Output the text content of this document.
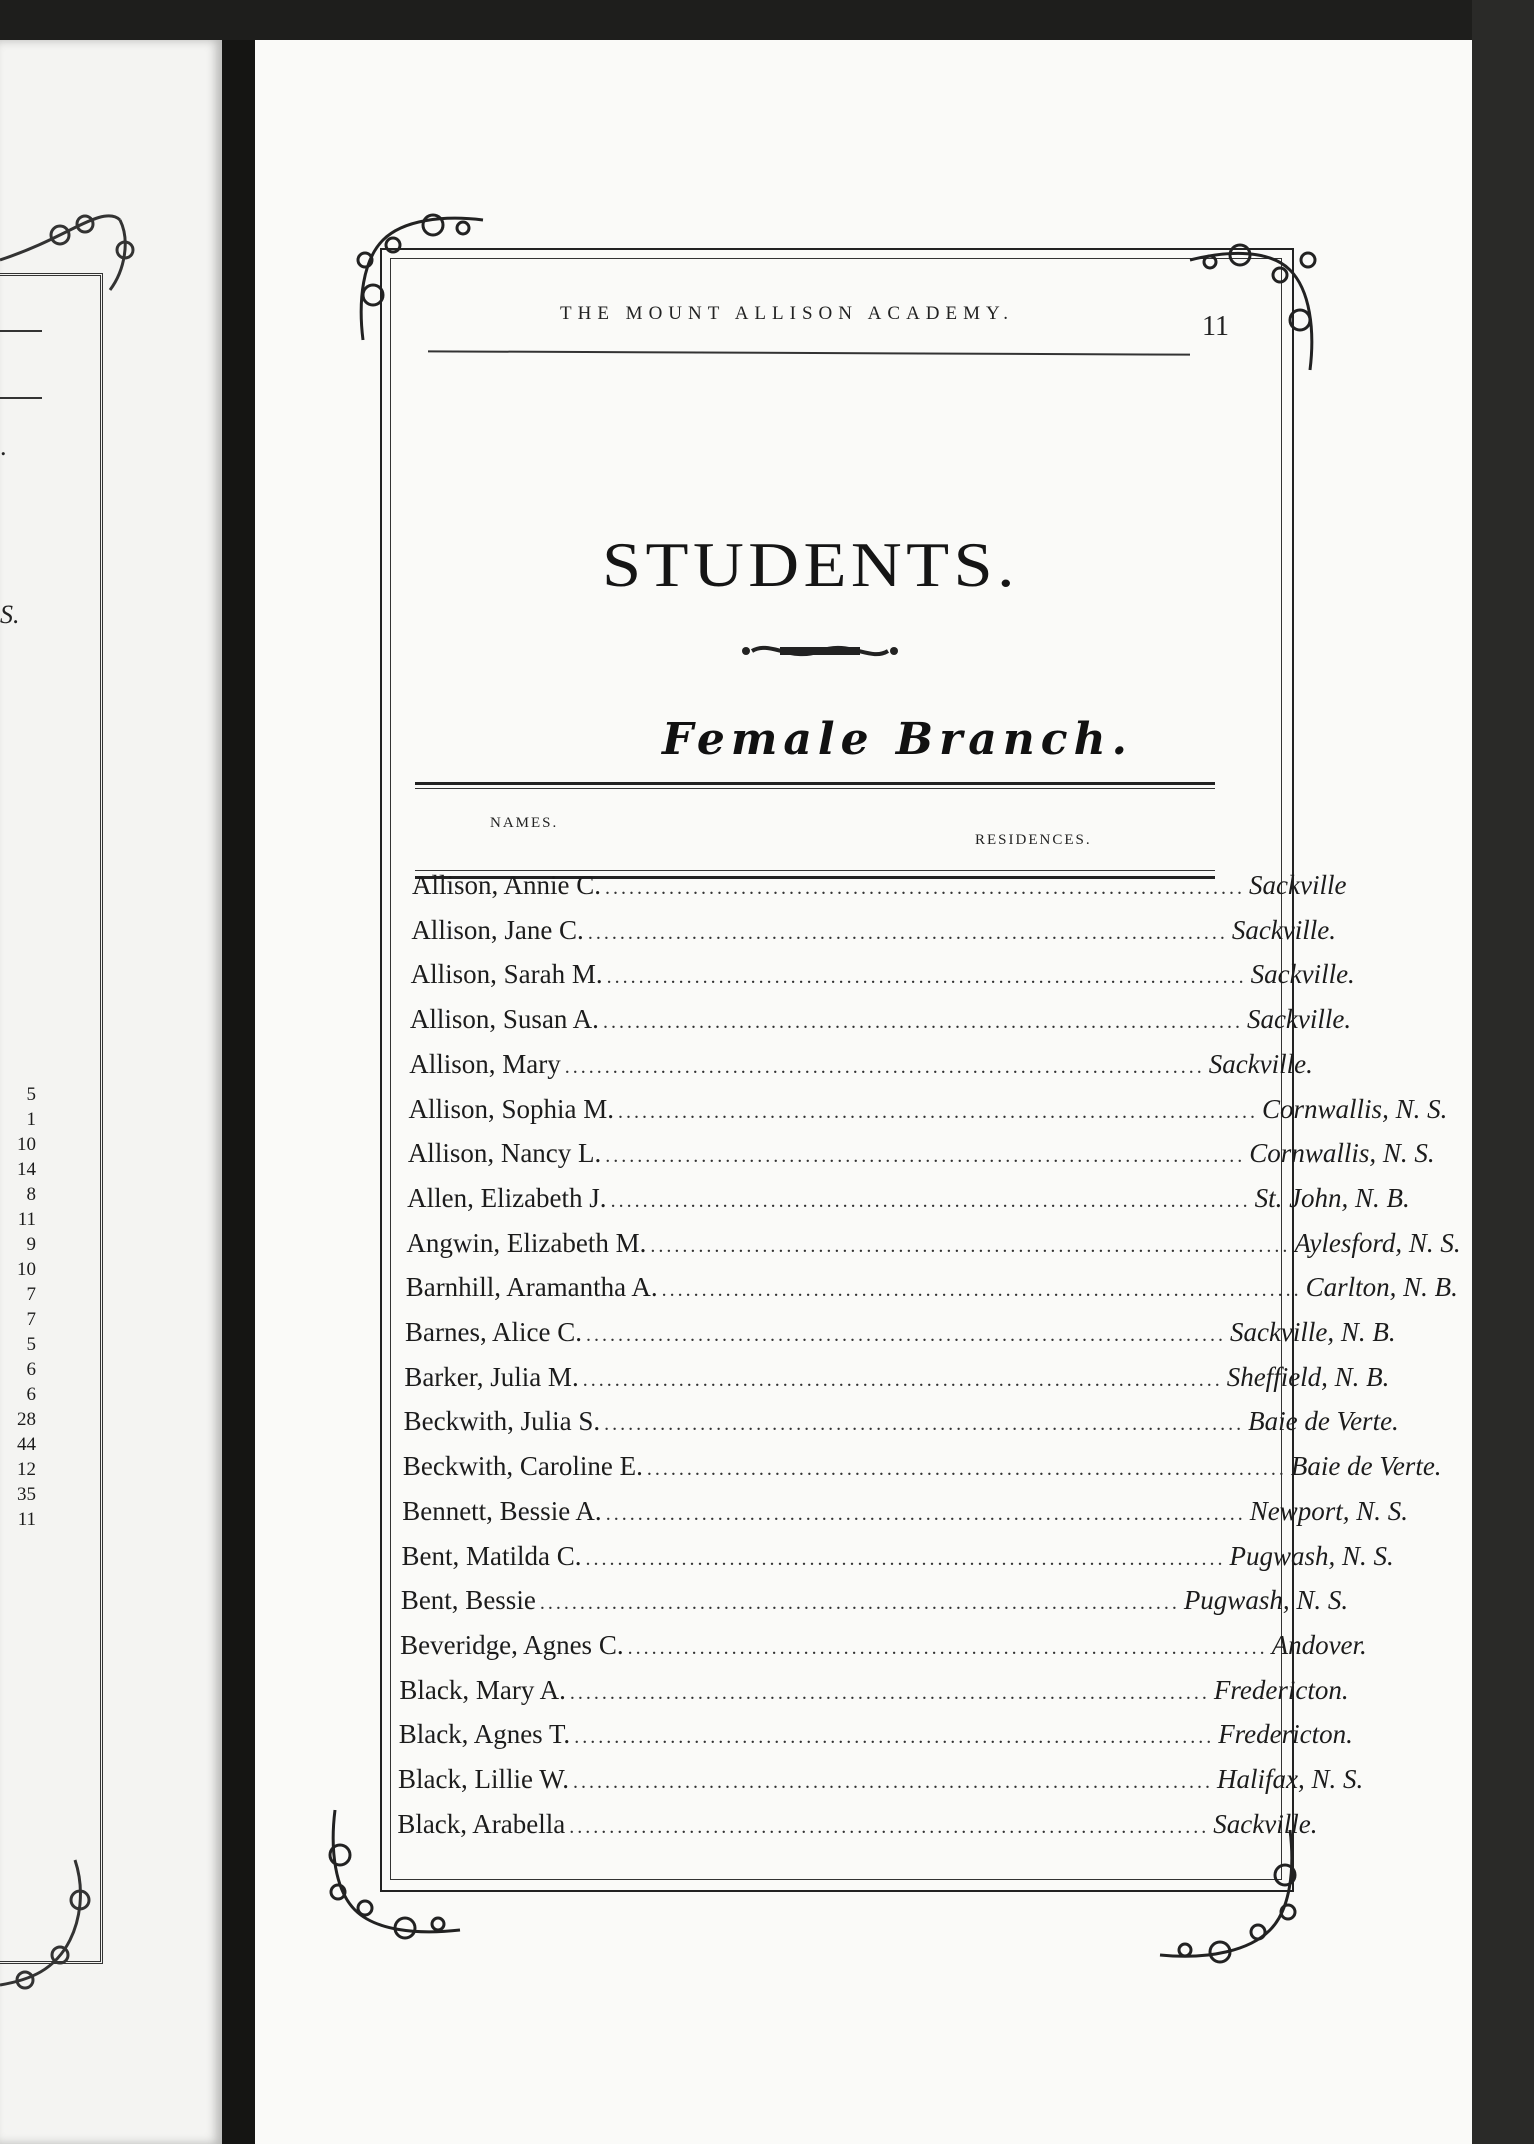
.
S.
5
1
10
14
8
11
9
10
7
7
5
6
6
28
44
12
35
11
THE MOUNT ALLISON ACADEMY.	11
STUDENTS.
Female Branch.
NAMES.
RESIDENCES.
Allison, Annie C. ................................................................................ Sackville
Allison, Jane C. ................................................................................ Sackville.
Allison, Sarah M. ................................................................................ Sackville.
Allison, Susan A. ................................................................................ Sackville.
Allison, Mary ................................................................................ Sackville.
Allison, Sophia M. ................................................................................ Cornwallis, N. S.
Allison, Nancy L. ................................................................................ Cornwallis, N. S.
Allen, Elizabeth J. ................................................................................ St. John, N. B.
Angwin, Elizabeth M. ................................................................................ Aylesford, N. S.
Barnhill, Aramantha A. ................................................................................ Carlton, N. B.
Barnes, Alice C. ................................................................................ Sackville, N. B.
Barker, Julia M. ................................................................................ Sheffield, N. B.
Beckwith, Julia S. ................................................................................ Baie de Verte.
Beckwith, Caroline E. ................................................................................ Baie de Verte.
Bennett, Bessie A. ................................................................................ Newport, N. S.
Bent, Matilda C. ................................................................................ Pugwash, N. S.
Bent, Bessie ................................................................................ Pugwash, N. S.
Beveridge, Agnes C. ................................................................................ Andover.
Black, Mary A. ................................................................................ Fredericton.
Black, Agnes T. ................................................................................ Fredericton.
Black, Lillie W. ................................................................................ Halifax, N. S.
Black, Arabella ................................................................................ Sackville.
